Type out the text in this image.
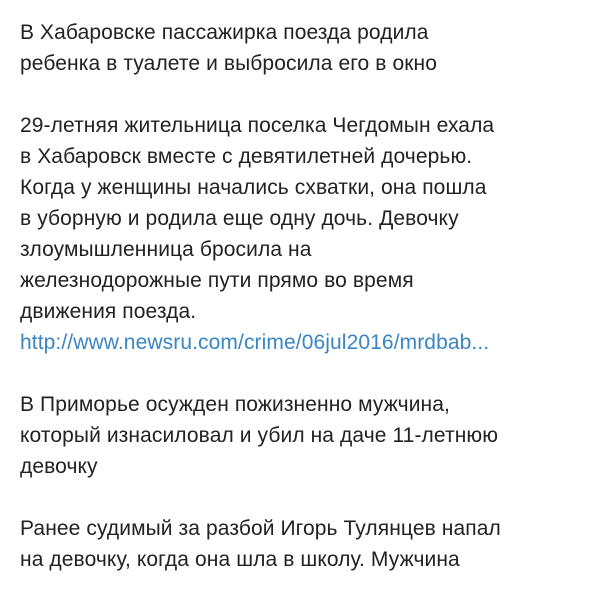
В Хабаровске пассажирка поезда родила
ребенка в туалете и выбросила его в окно
29-летняя жительница поселка Чегдомын ехала
в Хабаровск вместе с девятилетней дочерью.
Когда у женщины начались схватки, она пошла
в уборную и родила еще одну дочь. Девочку
злоумышленница бросила на
железнодорожные пути прямо во время
движения поезда.
http://www.newsru.com/crime/06jul2016/mrdbab...
В Приморье осужден пожизненно мужчина,
который изнасиловал и убил на даче 11-летнюю
девочку
Ранее судимый за разбой Игорь Тулянцев напал
на девочку, когда она шла в школу. Мужчина
